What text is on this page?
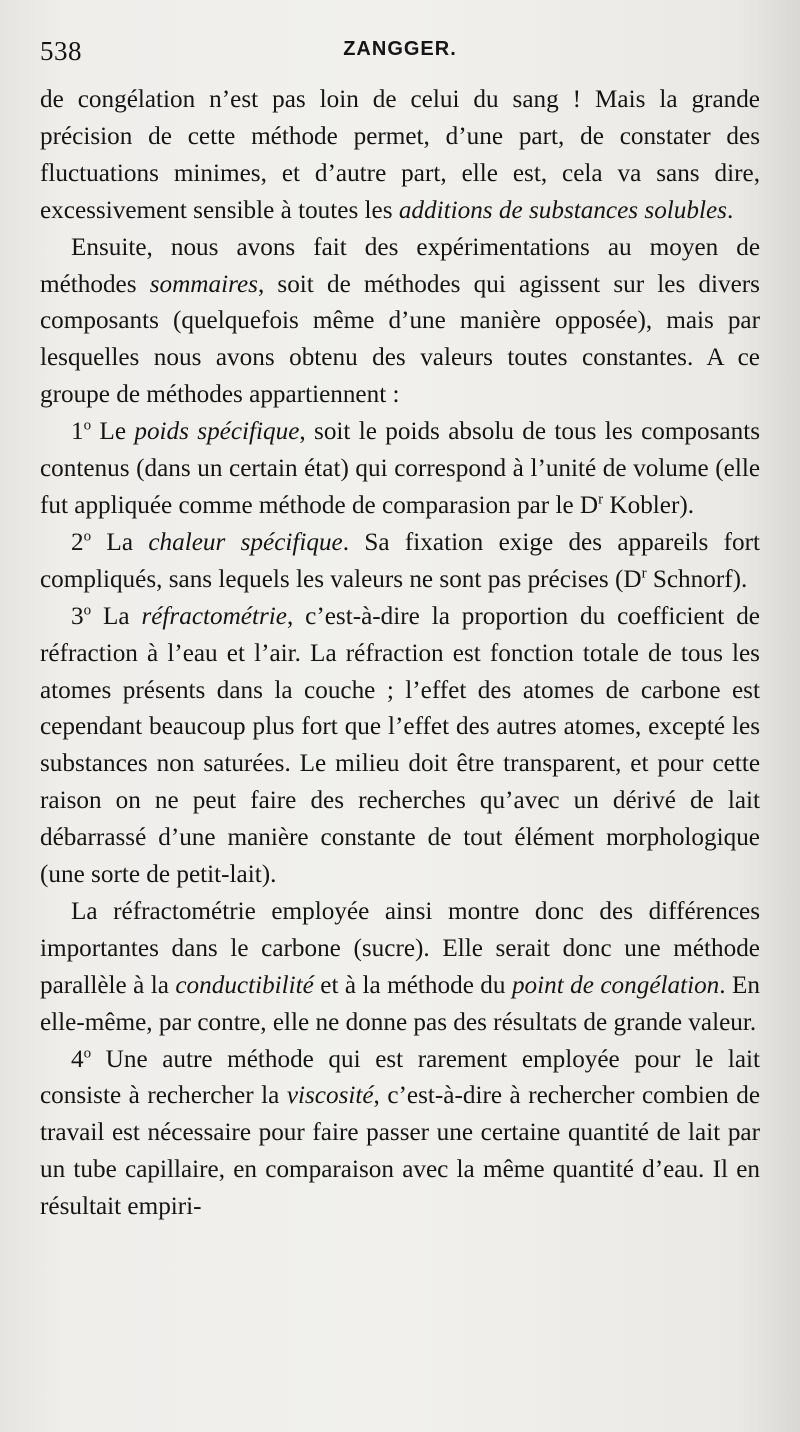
538	ZANGGER.

de congélation n’est pas loin de celui du sang ! Mais la grande précision de cette méthode permet, d’une part, de constater des fluctuations minimes, et d’autre part, elle est, cela va sans dire, excessivement sensible à toutes les additions de substances solubles.

Ensuite, nous avons fait des expérimentations au moyen de méthodes sommaires, soit de méthodes qui agissent sur les divers composants (quelquefois même d’une manière opposée), mais par lesquelles nous avons obtenu des valeurs toutes constantes. A ce groupe de méthodes appartiennent :

1$^o$ Le poids spécifique, soit le poids absolu de tous les composants contenus (dans un certain état) qui correspond à l’unité de volume (elle fut appliquée comme méthode de comparasion par le $D^r$ Kobler).

2$^o$ La chaleur spécifique. Sa fixation exige des appareils fort compliqués, sans lequels les valeurs ne sont pas précises ($D^r$ Schnorf).

3$^o$ La réfractométrie, c’est-à-dire la proportion du coefficient de réfraction à l’eau et l’air. La réfraction est fonction totale de tous les atomes présents dans la couche ; l’effet des atomes de carbone est cependant beaucoup plus fort que l’effet des autres atomes, excepté les substances non saturées. Le milieu doit être transparent, et pour cette raison on ne peut faire des recherches qu’avec un dérivé de lait débarrassé d’une manière constante de tout élément morphologique (une sorte de petit-lait).

La réfractométrie employée ainsi montre donc des différences importantes dans le carbone (sucre). Elle serait donc une méthode parallèle à la conductibilité et à la méthode du point de congélation. En elle-même, par contre, elle ne donne pas des résultats de grande valeur.

4$^o$ Une autre méthode qui est rarement employée pour le lait consiste à rechercher la viscosité, c’est-à-dire à rechercher combien de travail est nécessaire pour faire passer une certaine quantité de lait par un tube capillaire, en comparaison avec la même quantité d’eau. Il en résultait empiri-
